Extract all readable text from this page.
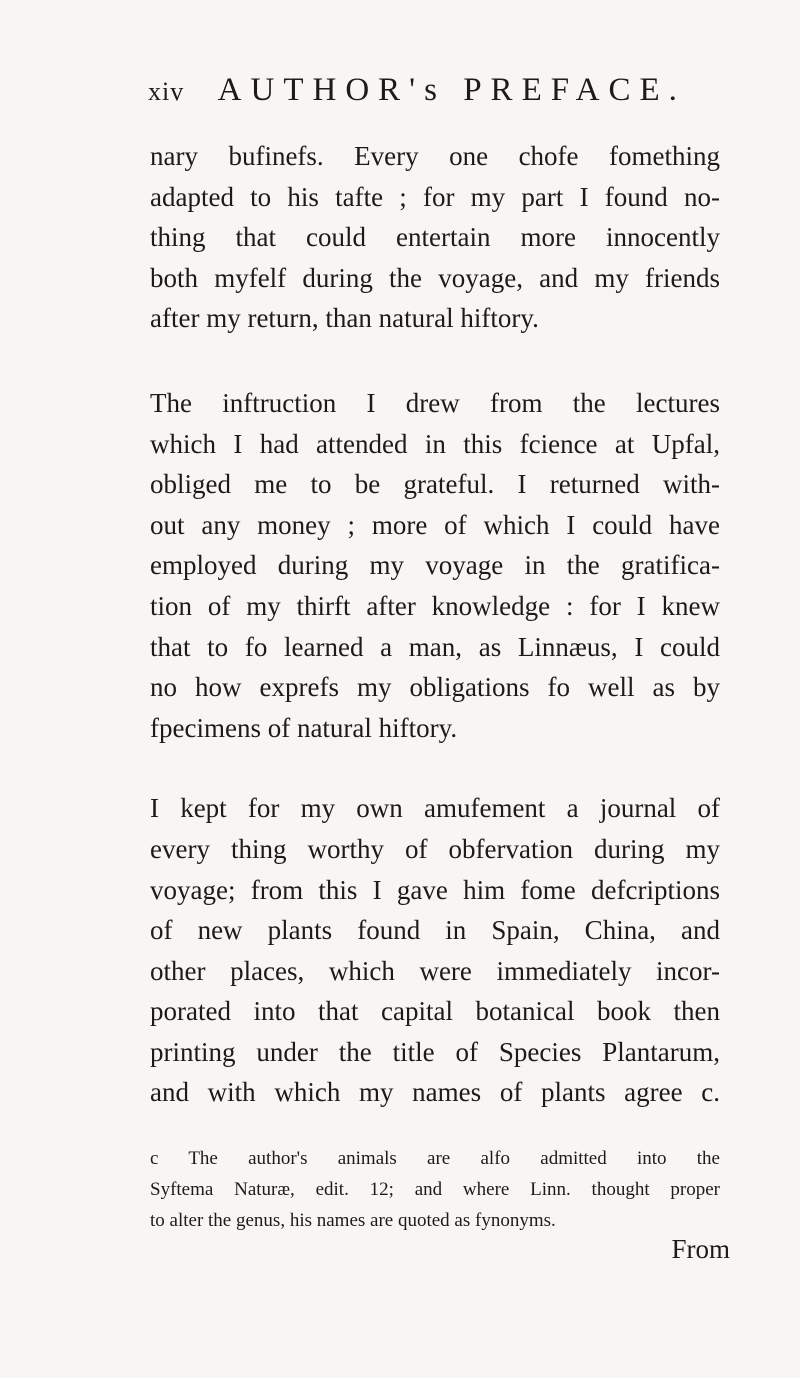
xiv AUTHOR's PREFACE.
nary bufinefs. Every one chofe fomething
adapted to his tafte ; for my part I found no-
thing that could entertain more innocently
both myfelf during the voyage, and my friends
after my return, than natural hiftory.
The inftruction I drew from the lectures
which I had attended in this fcience at Upfal,
obliged me to be grateful. I returned with-
out any money ; more of which I could have
employed during my voyage in the gratifica-
tion of my thirft after knowledge : for I knew
that to fo learned a man, as Linnæus, I could
no how exprefs my obligations fo well as by
fpecimens of natural hiftory.
I kept for my own amufement a journal of
every thing worthy of obfervation during my
voyage; from this I gave him fome defcriptions
of new plants found in Spain, China, and
other places, which were immediately incor-
porated into that capital botanical book then
printing under the title of Species Plantarum,
and with which my names of plants agree c.
c The author's animals are alfo admitted into the
Syftema Naturæ, edit. 12; and where Linn. thought proper
to alter the genus, his names are quoted as fynonyms.
From
